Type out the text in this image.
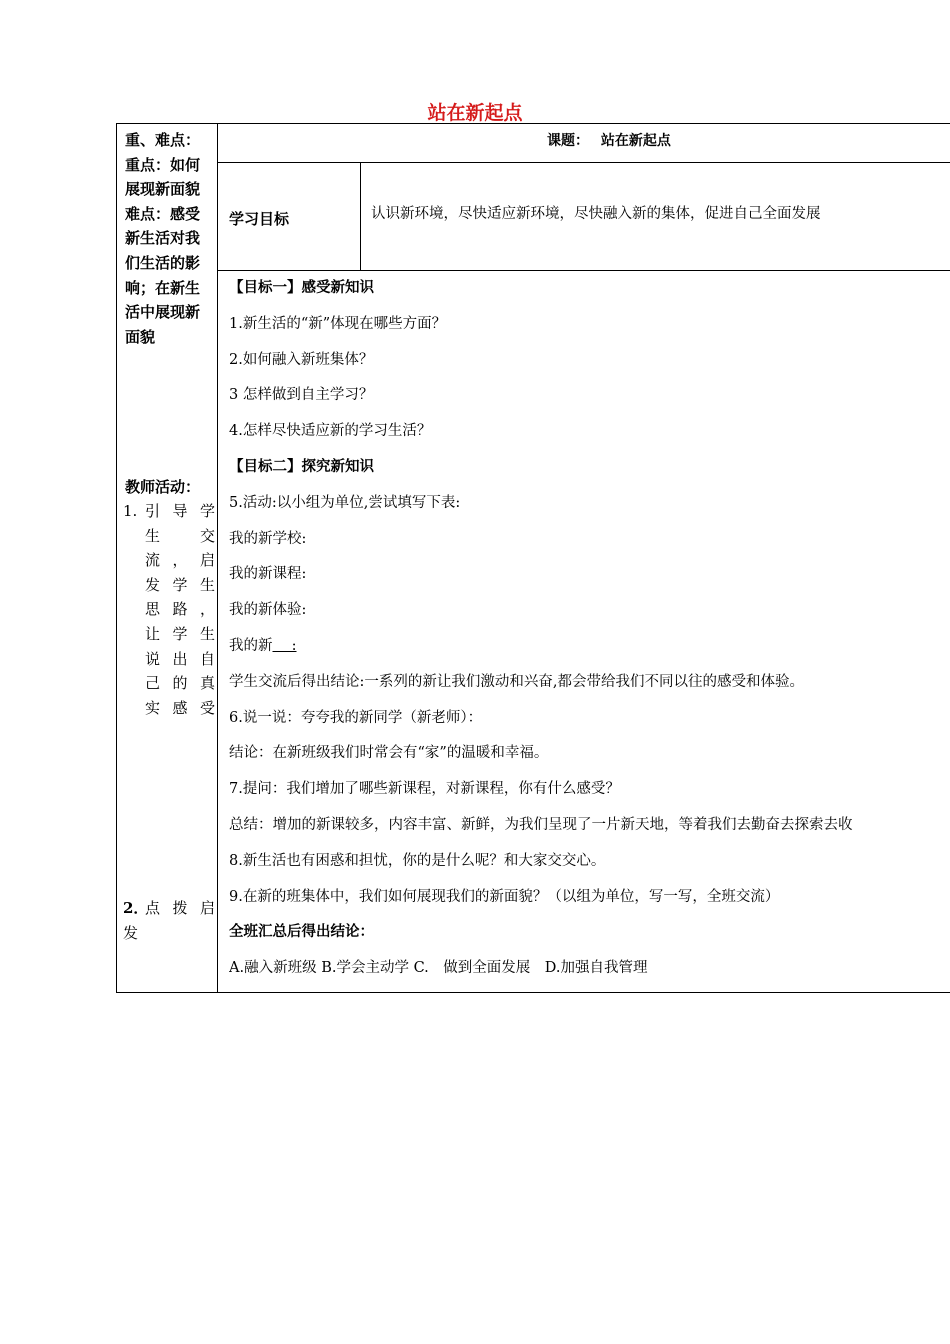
站在新起点
重、难点：
重点：如何
展现新面貌
难点：感受
新生活对我
们生活的影
响；在新生
活中展现新
面貌
教师活动：
1. 引导学
生 交
流，启
发学生
思路，
让学生
说出自
己的真
实感受
2．
点拨启
发
课题：　 站在新起点
学习目标	认识新环境，尽快适应新环境，尽快融入新的集体，促进自己全面发展
【目标一】感受新知识
1.新生活的“新”体现在哪些方面？
2.如何融入新班集体？
3 怎样做到自主学习？
4.怎样尽快适应新的学习生活？
【目标二】探究新知识
5.活动:以小组为单位,尝试填写下表:
我的新学校:
我的新课程:
我的新体验:
我的新　 :
学生交流后得出结论:一系列的新让我们激动和兴奋,都会带给我们不同以往的感受和体验。
6.说一说：夸夸我的新同学（新老师）：
结论：在新班级我们时常会有“家”的温暖和幸福。
7.提问：我们增加了哪些新课程，对新课程，你有什么感受？
总结：增加的新课较多，内容丰富、新鲜，为我们呈现了一片新天地，等着我们去勤奋去探索去收
8.新生活也有困惑和担忧，你的是什么呢？和大家交交心。
9.在新的班集体中，我们如何展现我们的新面貌？（以组为单位，写一写，全班交流）
全班汇总后得出结论：
A.融入新班级 B.学会主动学 C.　做到全面发展　D.加强自我管理
